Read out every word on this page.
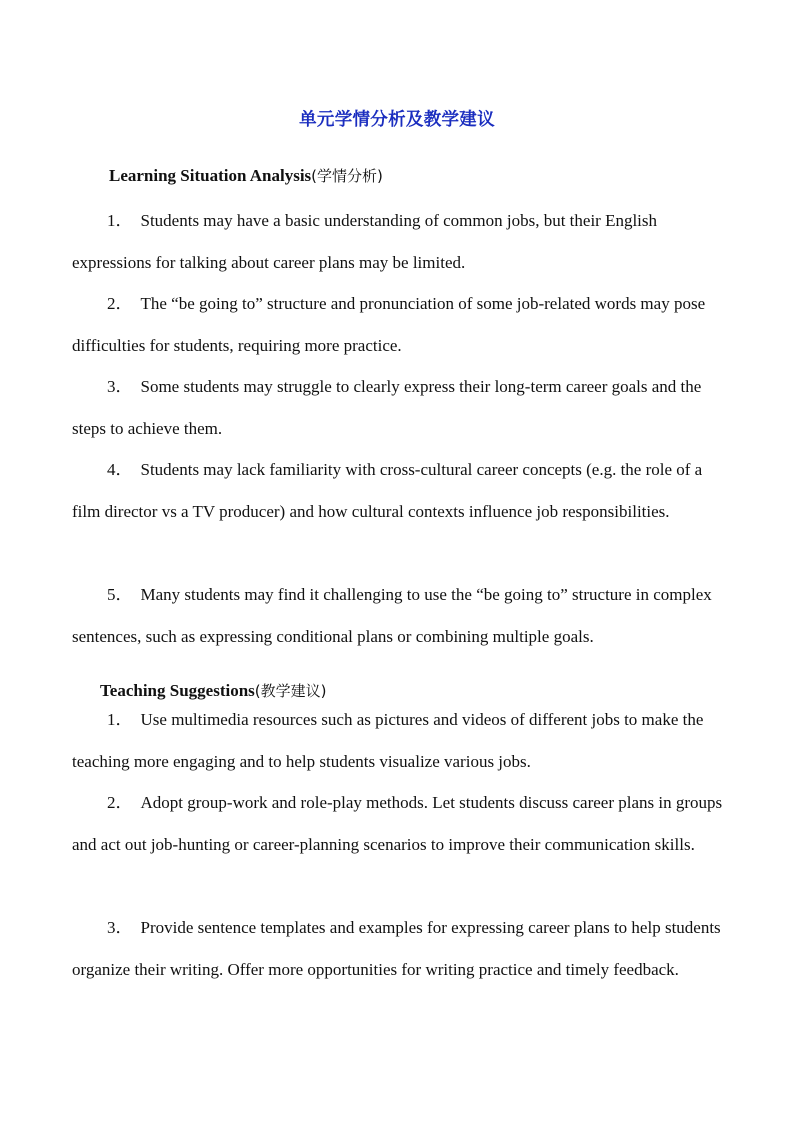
单元学情分析及教学建议
Learning Situation Analysis(学情分析)

1． Students may have a basic understanding of common jobs, but their English expressions for talking about career plans may be limited.

2． The “be going to” structure and pronunciation of some job-related words may pose difficulties for students, requiring more practice.

3． Some students may struggle to clearly express their long-term career goals and the steps to achieve them.

4． Students may lack familiarity with cross-cultural career concepts (e.g. the role of a film director vs a TV producer) and how cultural contexts influence job responsibilities.

5． Many students may find it challenging to use the “be going to” structure in complex sentences, such as expressing conditional plans or combining multiple goals.

Teaching Suggestions(教学建议)

1． Use multimedia resources such as pictures and videos of different jobs to make the teaching more engaging and to help students visualize various jobs.

2． Adopt group-work and role-play methods. Let students discuss career plans in groups and act out job-hunting or career-planning scenarios to improve their communication skills.

3． Provide sentence templates and examples for expressing career plans to help students organize their writing. Offer more opportunities for writing practice and timely feedback.
